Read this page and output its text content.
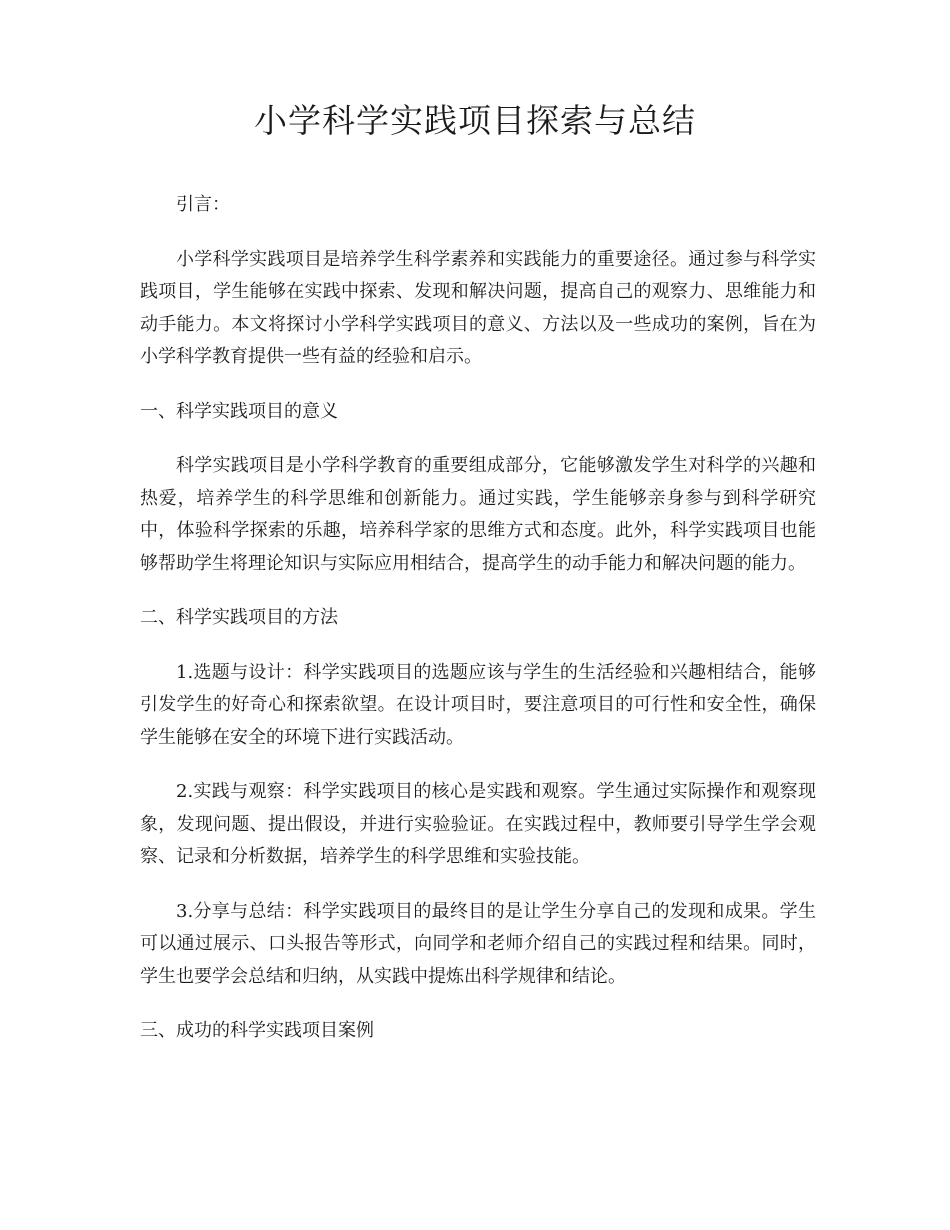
小学科学实践项目探索与总结

引言：

小学科学实践项目是培养学生科学素养和实践能力的重要途径。通过参与科学实践项目，学生能够在实践中探索、发现和解决问题，提高自己的观察力、思维能力和动手能力。本文将探讨小学科学实践项目的意义、方法以及一些成功的案例，旨在为小学科学教育提供一些有益的经验和启示。

一、科学实践项目的意义

科学实践项目是小学科学教育的重要组成部分，它能够激发学生对科学的兴趣和热爱，培养学生的科学思维和创新能力。通过实践，学生能够亲身参与到科学研究中，体验科学探索的乐趣，培养科学家的思维方式和态度。此外，科学实践项目也能够帮助学生将理论知识与实际应用相结合，提高学生的动手能力和解决问题的能力。

二、科学实践项目的方法

1.选题与设计：科学实践项目的选题应该与学生的生活经验和兴趣相结合，能够引发学生的好奇心和探索欲望。在设计项目时，要注意项目的可行性和安全性，确保学生能够在安全的环境下进行实践活动。

2.实践与观察：科学实践项目的核心是实践和观察。学生通过实际操作和观察现象，发现问题、提出假设，并进行实验验证。在实践过程中，教师要引导学生学会观察、记录和分析数据，培养学生的科学思维和实验技能。

3.分享与总结：科学实践项目的最终目的是让学生分享自己的发现和成果。学生可以通过展示、口头报告等形式，向同学和老师介绍自己的实践过程和结果。同时，学生也要学会总结和归纳，从实践中提炼出科学规律和结论。

三、成功的科学实践项目案例
